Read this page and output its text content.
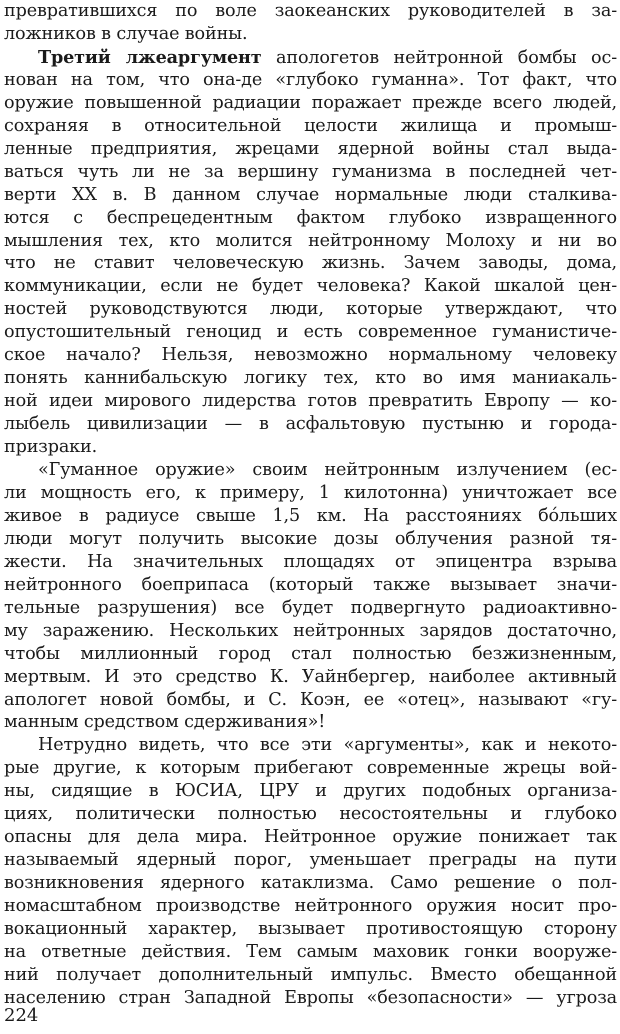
превратившихся по воле заокеанских руководителей в за-
ложников в случае войны.
Третий лжеаргумент апологетов нейтронной бомбы ос-
нован на том, что она-де «глубоко гуманна». Тот факт, что
оружие повышенной радиации поражает прежде всего людей,
сохраняя в относительной целости жилища и промыш-
ленные предприятия, жрецами ядерной войны стал выда-
ваться чуть ли не за вершину гуманизма в последней чет-
верти XX в. В данном случае нормальные люди сталкива-
ются с беспрецедентным фактом глубоко извращенного
мышления тех, кто молится нейтронному Молоху и ни во
что не ставит человеческую жизнь. Зачем заводы, дома,
коммуникации, если не будет человека? Какой шкалой цен-
ностей руководствуются люди, которые утверждают, что
опустошительный геноцид и есть современное гуманистиче-
ское начало? Нельзя, невозможно нормальному человеку
понять каннибальскую логику тех, кто во имя маниакаль-
ной идеи мирового лидерства готов превратить Европу — ко-
лыбель цивилизации — в асфальтовую пустыню и города-
призраки.
«Гуманное оружие» своим нейтронным излучением (ес-
ли мощность его, к примеру, 1 килотонна) уничтожает все
живое в радиусе свыше 1,5 км. На расстояниях бо́льших
люди могут получить высокие дозы облучения разной тя-
жести. На значительных площадях от эпицентра взрыва
нейтронного боеприпаса (который также вызывает значи-
тельные разрушения) все будет подвергнуто радиоактивно-
му заражению. Нескольких нейтронных зарядов достаточно,
чтобы миллионный город стал полностью безжизненным,
мертвым. И это средство К. Уайнбергер, наиболее активный
апологет новой бомбы, и С. Коэн, ее «отец», называют «гу-
манным средством сдерживания»!
Нетрудно видеть, что все эти «аргументы», как и некото-
рые другие, к которым прибегают современные жрецы вой-
ны, сидящие в ЮСИА, ЦРУ и других подобных организа-
циях, политически полностью несостоятельны и глубоко
опасны для дела мира. Нейтронное оружие понижает так
называемый ядерный порог, уменьшает преграды на пути
возникновения ядерного катаклизма. Само решение о пол-
номасштабном производстве нейтронного оружия носит про-
вокационный характер, вызывает противостоящую сторону
на ответные действия. Тем самым маховик гонки вооруже-
ний получает дополнительный импульс. Вместо обещанной
населению стран Западной Европы «безопасности» — угроза
224
